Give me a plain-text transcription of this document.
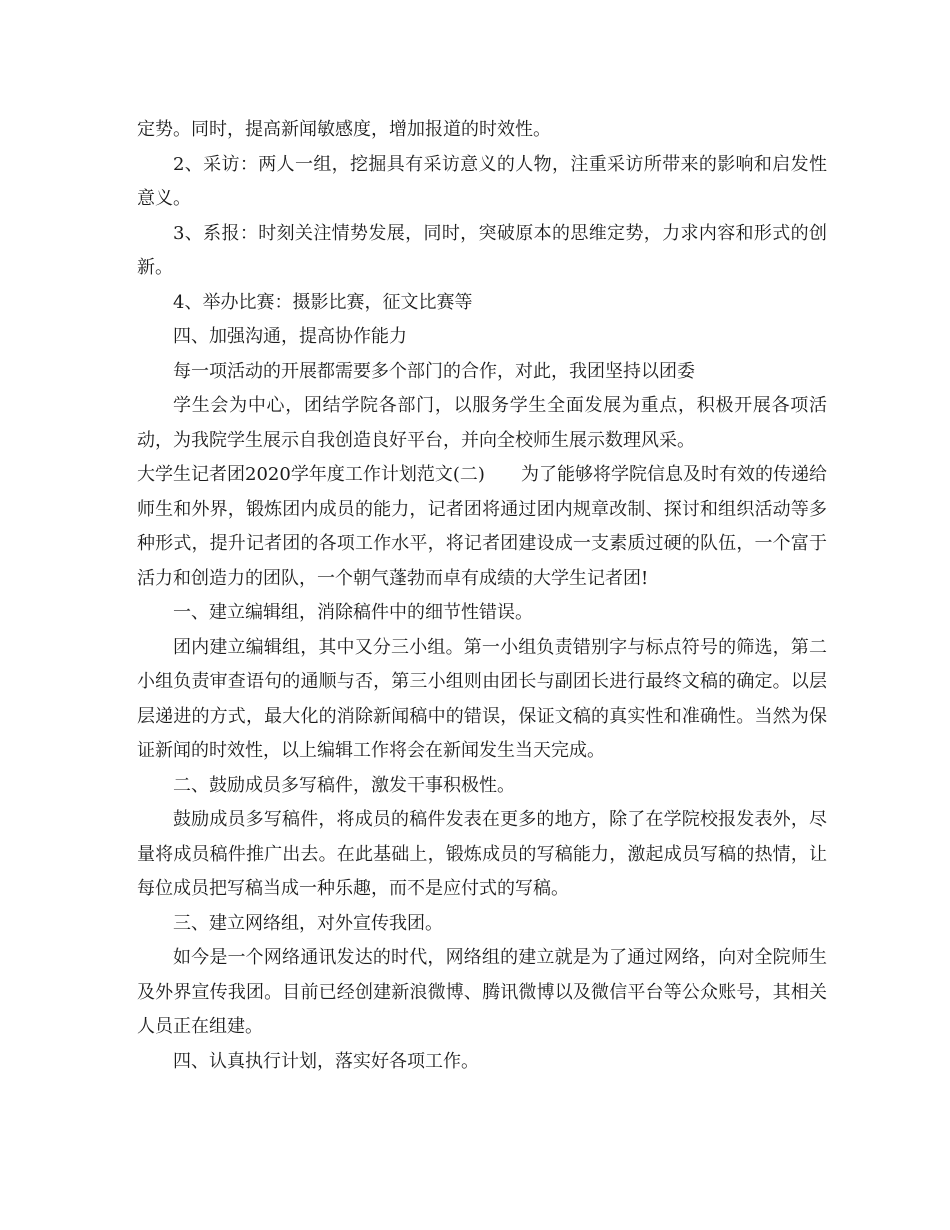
定势。同时，提高新闻敏感度，增加报道的时效性。

2、采访：两人一组，挖掘具有采访意义的人物，注重采访所带来的影响和启发性意义。

3、系报：时刻关注情势发展，同时，突破原本的思维定势，力求内容和形式的创新。

4、举办比赛：摄影比赛，征文比赛等

四、加强沟通，提高协作能力

每一项活动的开展都需要多个部门的合作，对此，我团坚持以团委

学生会为中心，团结学院各部门，以服务学生全面发展为重点，积极开展各项活动，为我院学生展示自我创造良好平台，并向全校师生展示数理风采。

大学生记者团2020学年度工作计划范文(二)   为了能够将学院信息及时有效的传递给师生和外界，锻炼团内成员的能力，记者团将通过团内规章改制、探讨和组织活动等多种形式，提升记者团的各项工作水平，将记者团建设成一支素质过硬的队伍，一个富于活力和创造力的团队，一个朝气蓬勃而卓有成绩的大学生记者团!

一、建立编辑组，消除稿件中的细节性错误。

团内建立编辑组，其中又分三小组。第一小组负责错别字与标点符号的筛选，第二小组负责审查语句的通顺与否，第三小组则由团长与副团长进行最终文稿的确定。以层层递进的方式，最大化的消除新闻稿中的错误，保证文稿的真实性和准确性。当然为保证新闻的时效性，以上编辑工作将会在新闻发生当天完成。

二、鼓励成员多写稿件，激发干事积极性。

鼓励成员多写稿件，将成员的稿件发表在更多的地方，除了在学院校报发表外，尽量将成员稿件推广出去。在此基础上，锻炼成员的写稿能力，激起成员写稿的热情，让每位成员把写稿当成一种乐趣，而不是应付式的写稿。

三、建立网络组，对外宣传我团。

如今是一个网络通讯发达的时代，网络组的建立就是为了通过网络，向对全院师生及外界宣传我团。目前已经创建新浪微博、腾讯微博以及微信平台等公众账号，其相关人员正在组建。

四、认真执行计划，落实好各项工作。
